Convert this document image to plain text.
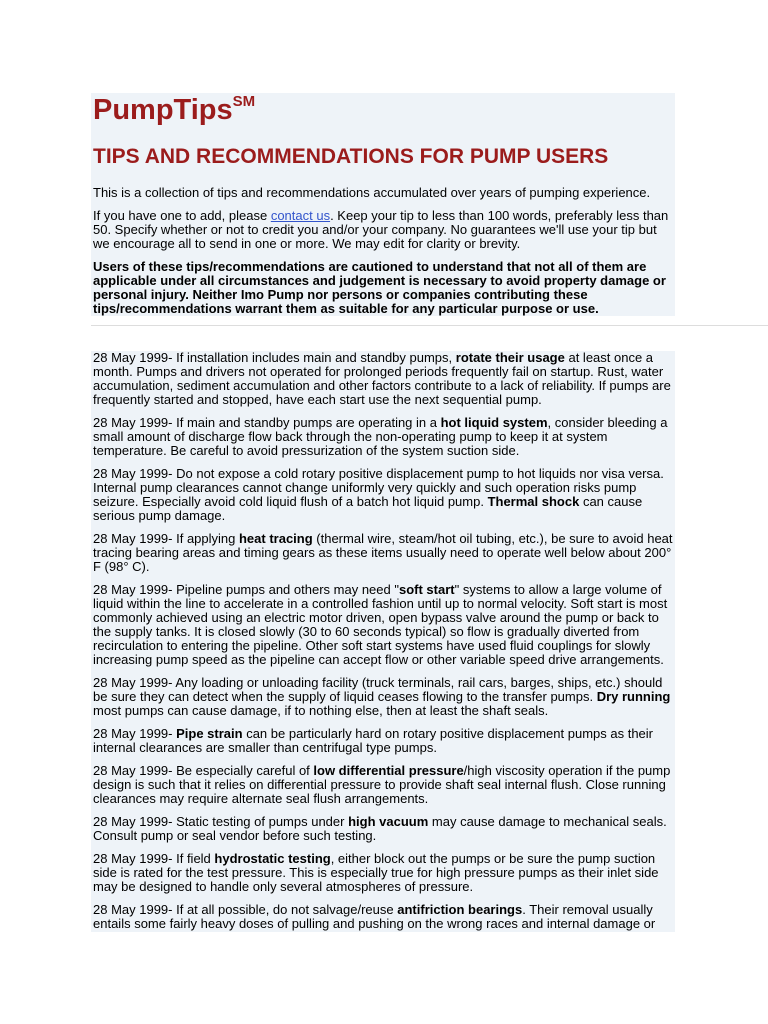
PumpTips℠
TIPS AND RECOMMENDATIONS FOR PUMP USERS

This is a collection of tips and recommendations accumulated over years of pumping experience.

If you have one to add, please contact us. Keep your tip to less than 100 words, preferably less than 50. Specify whether or not to credit you and/or your company. No guarantees we'll use your tip but we encourage all to send in one or more. We may edit for clarity or brevity.

Users of these tips/recommendations are cautioned to understand that not all of them are applicable under all circumstances and judgement is necessary to avoid property damage or personal injury. Neither Imo Pump nor persons or companies contributing these tips/recommendations warrant them as suitable for any particular purpose or use.

28 May 1999- If installation includes main and standby pumps, rotate their usage at least once a month. Pumps and drivers not operated for prolonged periods frequently fail on startup. Rust, water accumulation, sediment accumulation and other factors contribute to a lack of reliability. If pumps are frequently started and stopped, have each start use the next sequential pump.

28 May 1999- If main and standby pumps are operating in a hot liquid system, consider bleeding a small amount of discharge flow back through the non-operating pump to keep it at system temperature. Be careful to avoid pressurization of the system suction side.

28 May 1999- Do not expose a cold rotary positive displacement pump to hot liquids nor visa versa. Internal pump clearances cannot change uniformly very quickly and such operation risks pump seizure. Especially avoid cold liquid flush of a batch hot liquid pump. Thermal shock can cause serious pump damage.

28 May 1999- If applying heat tracing (thermal wire, steam/hot oil tubing, etc.), be sure to avoid heat tracing bearing areas and timing gears as these items usually need to operate well below about 200° F (98° C).

28 May 1999- Pipeline pumps and others may need "soft start" systems to allow a large volume of liquid within the line to accelerate in a controlled fashion until up to normal velocity. Soft start is most commonly achieved using an electric motor driven, open bypass valve around the pump or back to the supply tanks. It is closed slowly (30 to 60 seconds typical) so flow is gradually diverted from recirculation to entering the pipeline. Other soft start systems have used fluid couplings for slowly increasing pump speed as the pipeline can accept flow or other variable speed drive arrangements.

28 May 1999- Any loading or unloading facility (truck terminals, rail cars, barges, ships, etc.) should be sure they can detect when the supply of liquid ceases flowing to the transfer pumps. Dry running most pumps can cause damage, if to nothing else, then at least the shaft seals.

28 May 1999- Pipe strain can be particularly hard on rotary positive displacement pumps as their internal clearances are smaller than centrifugal type pumps.

28 May 1999- Be especially careful of low differential pressure/high viscosity operation if the pump design is such that it relies on differential pressure to provide shaft seal internal flush. Close running clearances may require alternate seal flush arrangements.

28 May 1999- Static testing of pumps under high vacuum may cause damage to mechanical seals. Consult pump or seal vendor before such testing.

28 May 1999- If field hydrostatic testing, either block out the pumps or be sure the pump suction side is rated for the test pressure. This is especially true for high pressure pumps as their inlet side may be designed to handle only several atmospheres of pressure.

28 May 1999- If at all possible, do not salvage/reuse antifriction bearings. Their removal usually entails some fairly heavy doses of pulling and pushing on the wrong races and internal damage or
